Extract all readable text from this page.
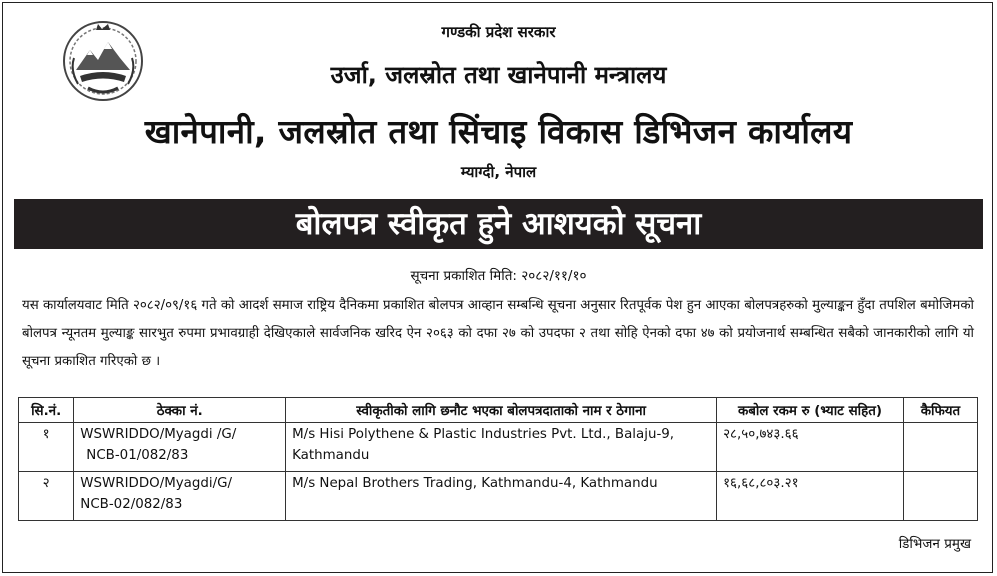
गण्डकी प्रदेश सरकार
उर्जा, जलस्रोत तथा खानेपानी मन्त्रालय
खानेपानी, जलस्रोत तथा सिंचाइ विकास डिभिजन कार्यालय
म्याग्दी, नेपाल
बोलपत्र स्वीकृत हुने आशयको सूचना
सूचना प्रकाशित मिति: २०८२/११/१०
यस कार्यालयवाट मिति २०८२/०९/१६ गते को आदर्श समाज राष्ट्रिय दैनिकमा प्रकाशित बोलपत्र आव्हान सम्बन्धि सूचना अनुसार रितपूर्वक पेश हुन आएका बोलपत्रहरुको मुल्याङ्कन हुँदा तपशिल बमोजिमको बोलपत्र न्यूनतम मुल्याङ्क सारभुत रुपमा प्रभावग्राही देखिएकाले सार्वजनिक खरिद ऐन २०६३ को दफा २७ को उपदफा २ तथा सोहि ऐनको दफा ४७ को प्रयोजनार्थ सम्बन्धित सबैको जानकारीको लागि यो सूचना प्रकाशित गरिएको छ ।
सि.नं.	ठेक्का नं.	स्वीकृतीको लागि छनौट भएका बोलपत्रदाताको नाम र ठेगाना	कबोल रकम रु (भ्याट सहित)	कैफियत
१	WSWRIDDO/Myagdi /G/
NCB-01/082/83	M/s Hisi Polythene & Plastic Industries Pvt. Ltd., Balaju-9, Kathmandu	२८,५०,७४३.६६	
२	WSWRIDDO/Myagdi/G/
NCB-02/082/83	M/s Nepal Brothers Trading, Kathmandu-4, Kathmandu	१६,६८,८०३.२१	
डिभिजन प्रमुख
